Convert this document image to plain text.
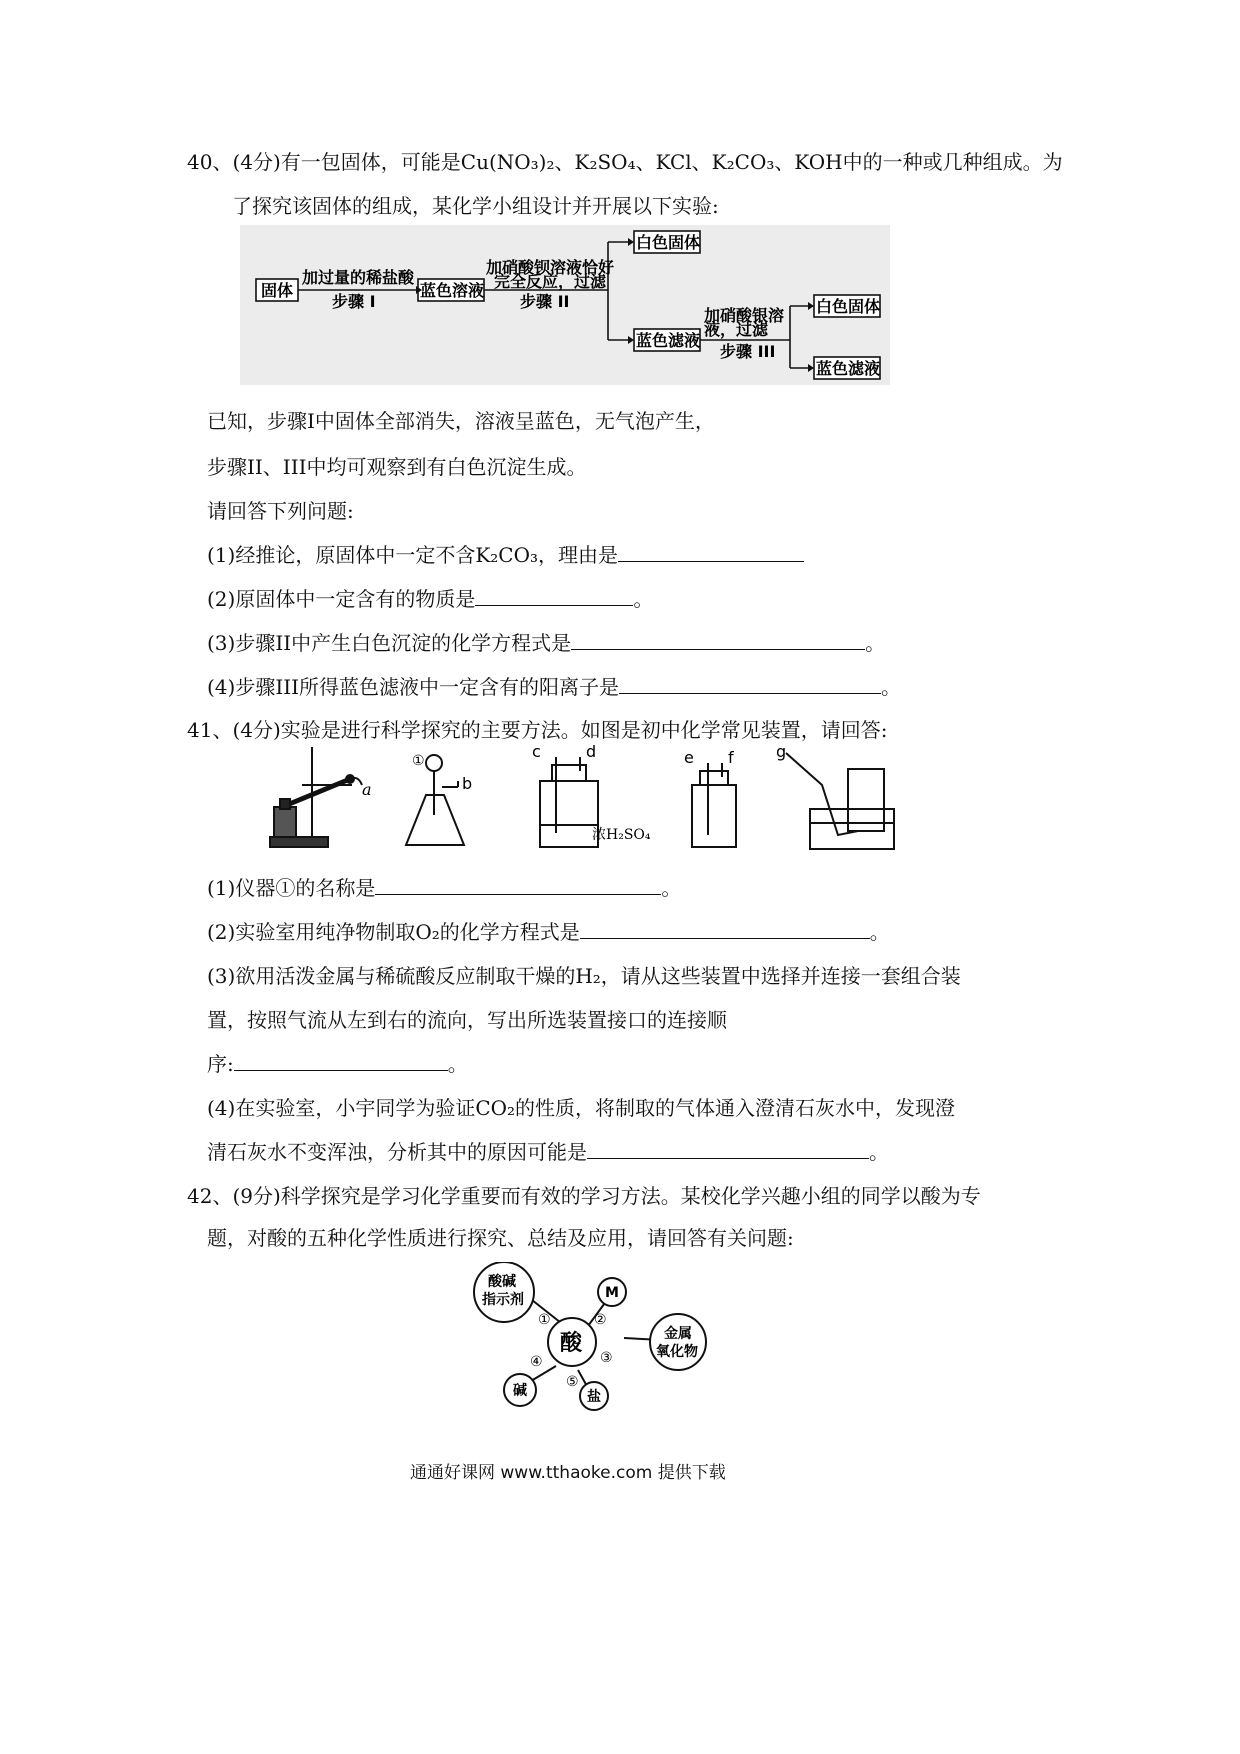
40、(4分)有一包固体，可能是Cu(NO₃)₂、K₂SO₄、KCl、K₂CO₃、KOH中的一种或几种组成。为
了探究该固体的组成，某化学小组设计并开展以下实验:
固体	蓝色溶液
白色固体
蓝色滤液
白色固体
蓝色滤液
加过量的稀盐酸
步骤 I
加硝酸钡溶液恰好
完全反应，过滤
步骤 II
加硝酸银溶
液，过滤
步骤 III
已知，步骤I中固体全部消失，溶液呈蓝色，无气泡产生，
步骤II、III中均可观察到有白色沉淀生成。
请回答下列问题:
(1)经推论，原固体中一定不含K₂CO₃，理由是
(2)原固体中一定含有的物质是	。
(3)步骤II中产生白色沉淀的化学方程式是	。
(4)步骤III所得蓝色滤液中一定含有的阳离子是	。
41、(4分)实验是进行科学探究的主要方法。如图是初中化学常见装置，请回答:
a
①
b
c	d
浓H₂SO₄
e f	g
(1)仪器①的名称是	。
(2)实验室用纯净物制取O₂的化学方程式是	。
(3)欲用活泼金属与稀硫酸反应制取干燥的H₂，请从这些装置中选择并连接一套组合装
置，按照气流从左到右的流向，写出所选装置接口的连接顺
序:	。
(4)在实验室，小宇同学为验证CO₂的性质，将制取的气体通入澄清石灰水中，发现澄
清石灰水不变浑浊，分析其中的原因可能是	。
42、(9分)科学探究是学习化学重要而有效的学习方法。某校化学兴趣小组的同学以酸为专
题，对酸的五种化学性质进行探究、总结及应用，请回答有关问题:
酸
酸碱
指示剂	M
金属
氧化物
碱	盐
①	②
③
④
⑤
通通好课网 www.tthaoke.com 提供下载
